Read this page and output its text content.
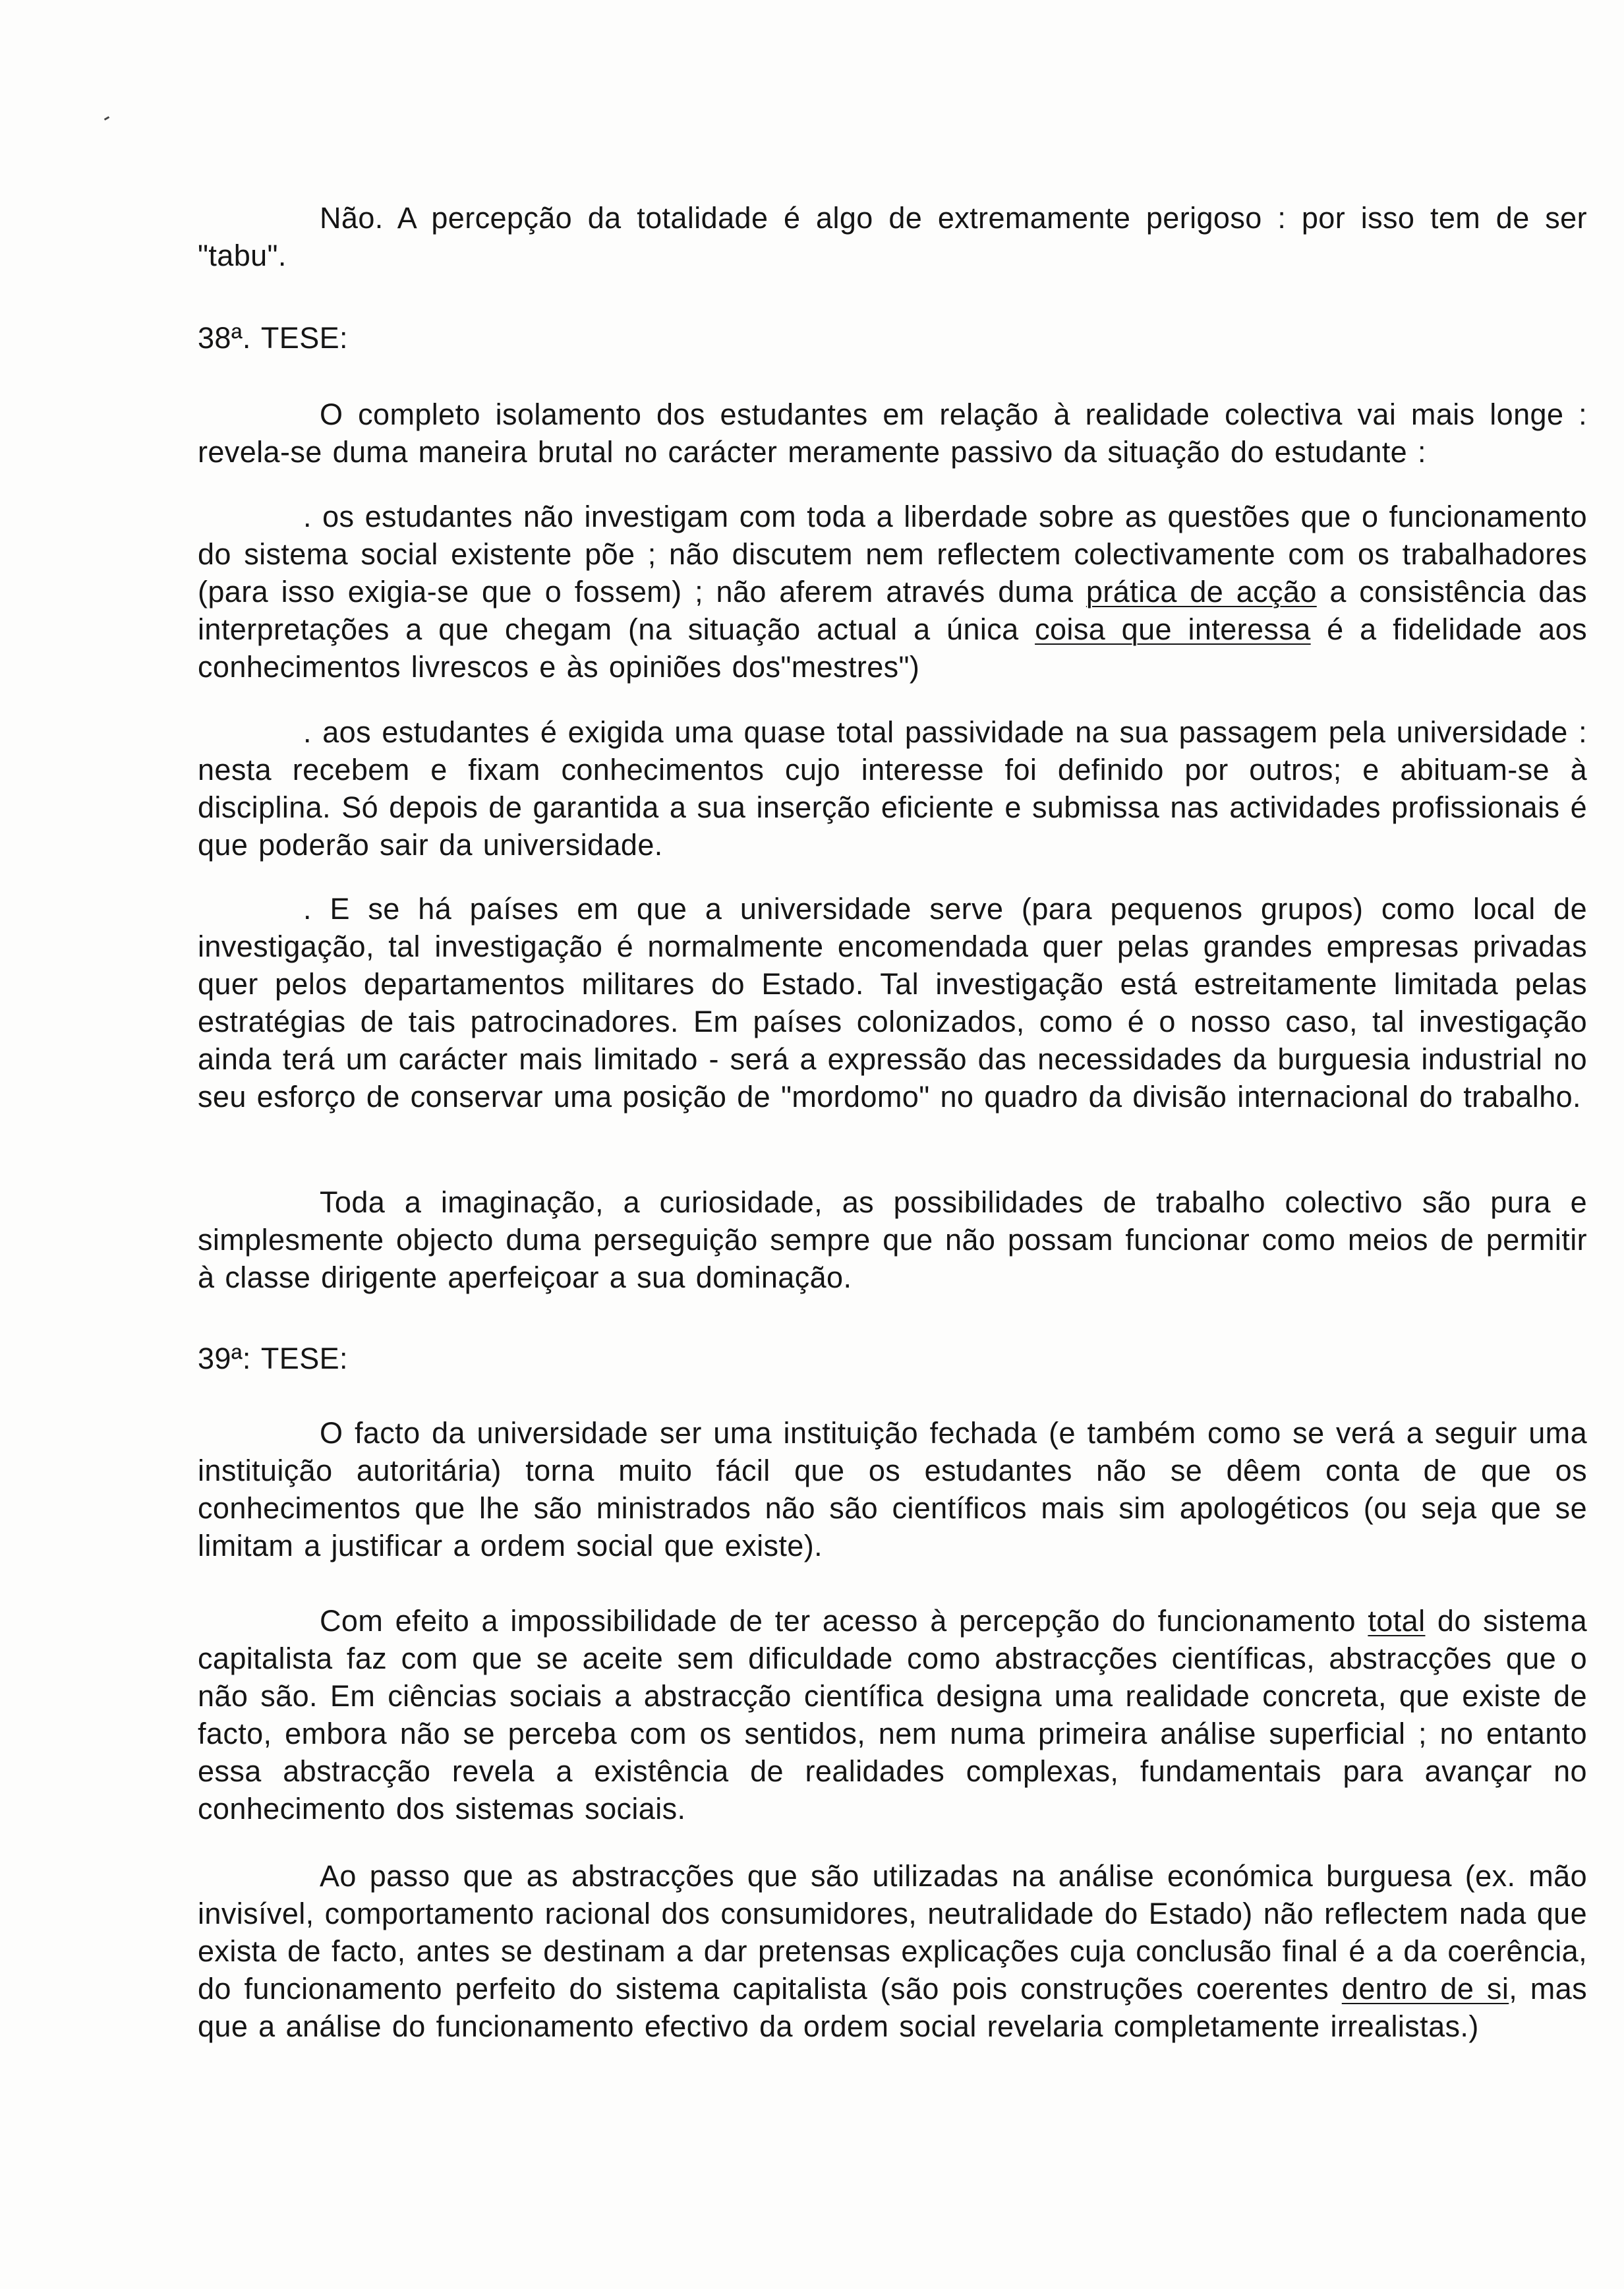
Não. A percepção da totalidade é algo de extremamente perigoso : por isso tem de ser "tabu".

38ª. TESE:

O completo isolamento dos estudantes em relação à realidade colectiva vai mais longe : revela-se duma maneira brutal no carácter meramente passivo da situação do estudante :

. os estudantes não investigam com toda a liberdade sobre as questões que o funcionamento do sistema social existente põe ; não discutem nem reflectem colectivamente com os trabalhadores (para isso exigia-se que o fossem) ; não aferem através duma prática de acção a consistência das interpretações a que chegam (na situação actual a única coisa que interessa é a fidelidade aos conhecimentos livrescos e às opiniões dos"mestres")

. aos estudantes é exigida uma quase total passividade na sua passagem pela universidade : nesta recebem e fixam conhecimentos cujo interesse foi definido por outros; e abituam-se à disciplina. Só depois de garantida a sua inserção eficiente e submissa nas actividades profissionais é que poderão sair da universidade.

. E se há países em que a universidade serve (para pequenos grupos) como local de investigação, tal investigação é normalmente encomendada quer pelas grandes empresas privadas quer pelos departamentos militares do Estado. Tal investigação está estreitamente limitada pelas estratégias de tais patrocinadores. Em países colonizados, como é o nosso caso, tal investigação ainda terá um carácter mais limitado - será a expressão das necessidades da burguesia industrial no seu esforço de conservar uma posição de "mordomo" no quadro da divisão internacional do trabalho.

Toda a imaginação, a curiosidade, as possibilidades de trabalho colectivo são pura e simplesmente objecto duma perseguição sempre que não possam funcionar como meios de permitir à classe dirigente aperfeiçoar a sua dominação.

39ª: TESE:

O facto da universidade ser uma instituição fechada (e também como se verá a seguir uma instituição autoritária) torna muito fácil que os estudantes não se dêem conta de que os conhecimentos que lhe são ministrados não são científicos mais sim apologéticos (ou seja que se limitam a justificar a ordem social que existe).

Com efeito a impossibilidade de ter acesso à percepção do funcionamento total do sistema capitalista faz com que se aceite sem dificuldade como abstracções científicas, abstracções que o não são. Em ciências sociais a abstracção científica designa uma realidade concreta, que existe de facto, embora não se perceba com os sentidos, nem numa primeira análise superficial ; no entanto essa abstracção revela a existência de realidades complexas, fundamentais para avançar no conhecimento dos sistemas sociais.

Ao passo que as abstracções que são utilizadas na análise económica burguesa (ex. mão invisível, comportamento racional dos consumidores, neutralidade do Estado) não reflectem nada que exista de facto, antes se destinam a dar pretensas explicações cuja conclusão final é a da coerência, do funcionamento perfeito do sistema capitalista (são pois construções coerentes dentro de si, mas que a análise do funcionamento efectivo da ordem social revelaria completamente irrealistas.)
